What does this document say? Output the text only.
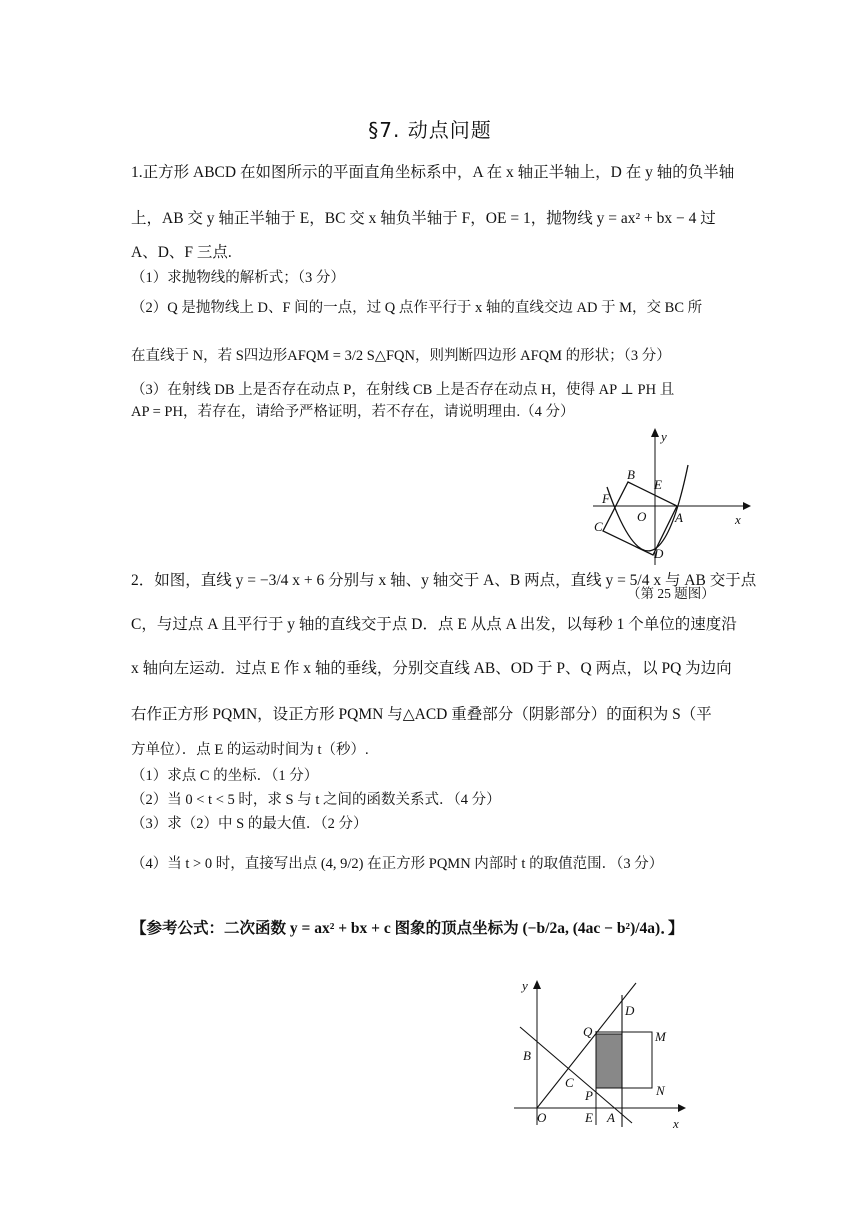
§7. 动点问题
1.正方形 ABCD 在如图所示的平面直角坐标系中，A 在 x 轴正半轴上，D 在 y 轴的负半轴
上，AB 交 y 轴正半轴于 E，BC 交 x 轴负半轴于 F，OE = 1，抛物线 y = ax² + bx − 4 过
A、D、F 三点.
（1）求抛物线的解析式；（3 分）
（2）Q 是抛物线上 D、F 间的一点，过 Q 点作平行于 x 轴的直线交边 AD 于 M，交 BC 所
在直线于 N，若 S四边形AFQM = 3/2 S△FQN，则判断四边形 AFQM 的形状；（3 分）
（3）在射线 DB 上是否存在动点 P，在射线 CB 上是否存在动点 H，使得 AP ⊥ PH 且
AP = PH，若存在，请给予严格证明，若不存在，请说明理由.（4 分）
y
x
B
E
F
O A
C
D
（第 25 题图）
2．如图，直线 y = −3/4 x + 6 分别与 x 轴、y 轴交于 A、B 两点，直线 y = 5/4 x 与 AB 交于点
C，与过点 A 且平行于 y 轴的直线交于点 D．点 E 从点 A 出发，以每秒 1 个单位的速度沿
x 轴向左运动．过点 E 作 x 轴的垂线，分别交直线 AB、OD 于 P、Q 两点，以 PQ 为边向
右作正方形 PQMN，设正方形 PQMN 与△ACD 重叠部分（阴影部分）的面积为 S（平
方单位）．点 E 的运动时间为 t（秒）.
（1）求点 C 的坐标．（1 分）
（2）当 0 < t < 5 时，求 S 与 t 之间的函数关系式．（4 分）
（3）求（2）中 S 的最大值．（2 分）
（4）当 t > 0 时，直接写出点 (4, 9/2) 在正方形 PQMN 内部时 t 的取值范围．（3 分）
【参考公式：二次函数 y = ax² + bx + c 图象的顶点坐标为 (−b/2a, (4ac − b²)/4a)．】
y
D
Q	M
B
C
P	N
O	E A	x
